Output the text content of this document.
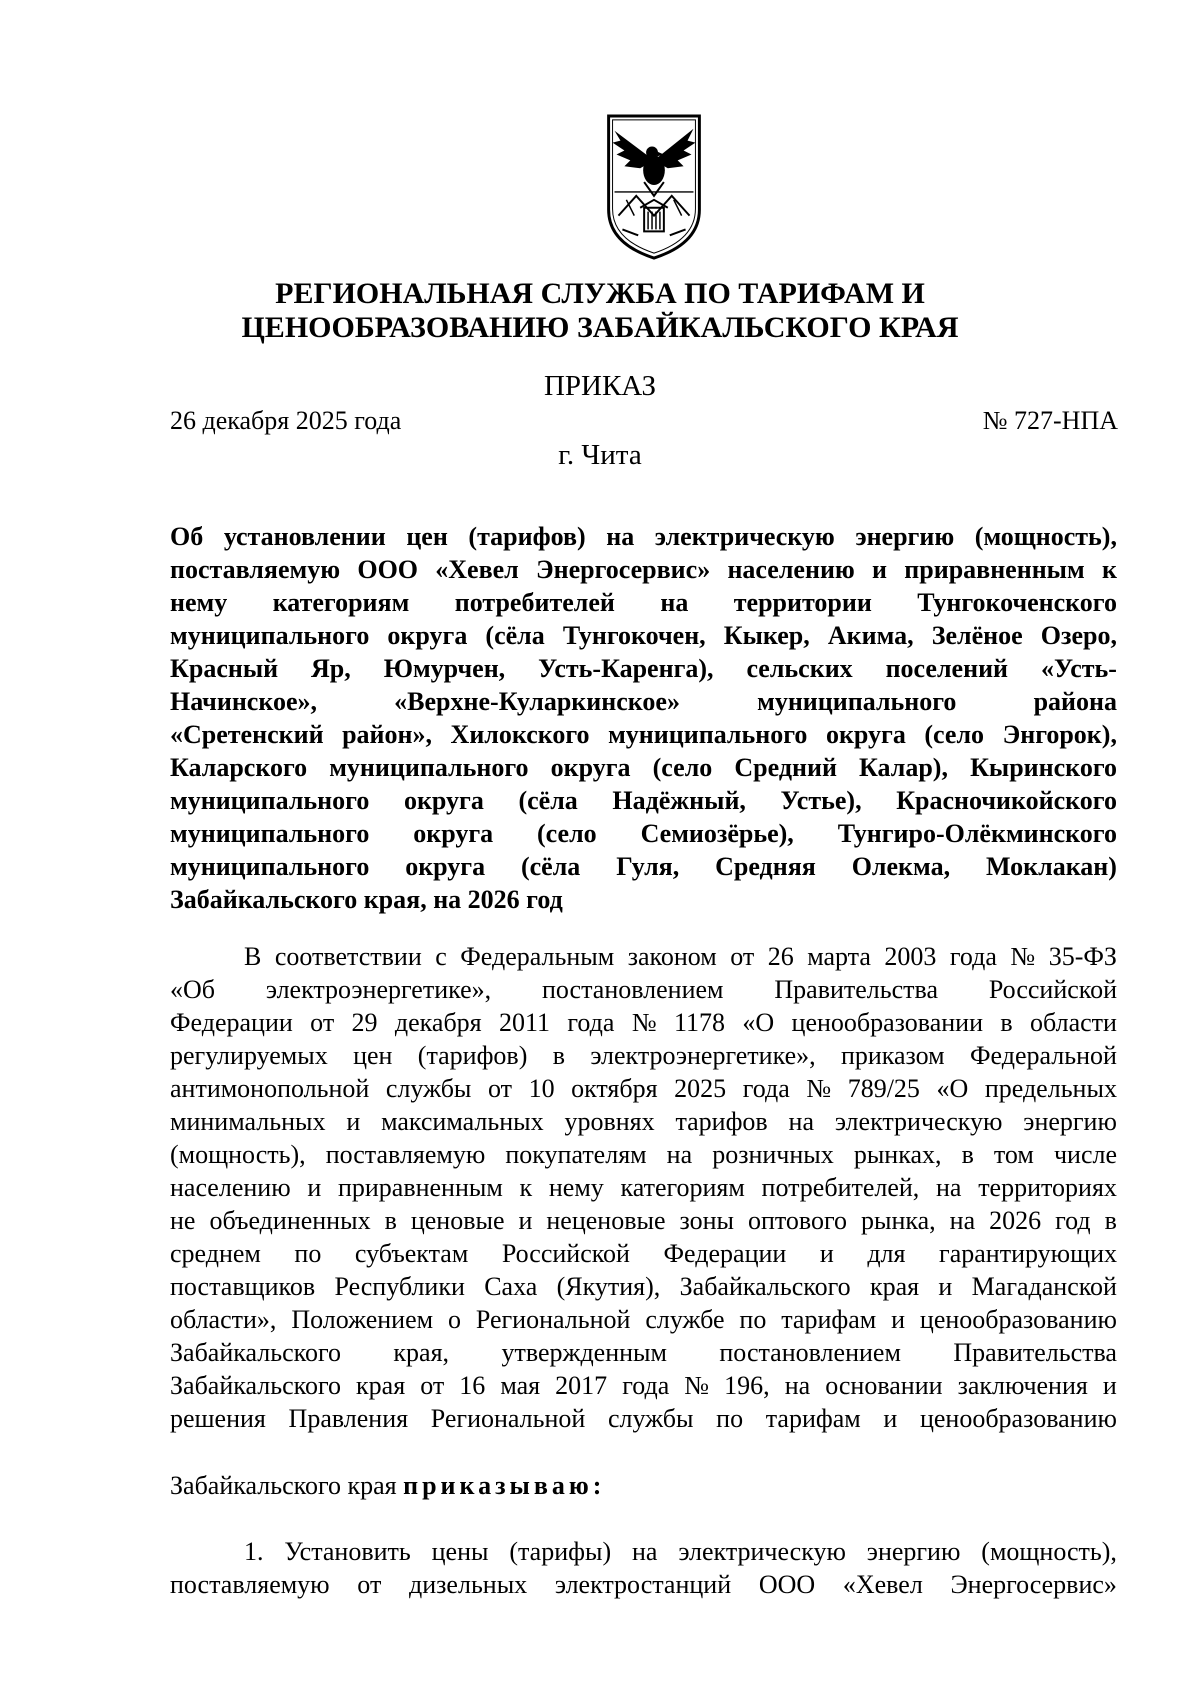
РЕГИОНАЛЬНАЯ СЛУЖБА ПО ТАРИФАМ И
ЦЕНООБРАЗОВАНИЮ ЗАБАЙКАЛЬСКОГО КРАЯ
ПРИКАЗ
26 декабря 2025 года	№ 727-НПА
г. Чита
Об установлении цен (тарифов) на электрическую энергию (мощность),
поставляемую ООО «Хевел Энергосервис» населению и приравненным к
нему категориям потребителей на территории Тунгокоченского
муниципального округа (сёла Тунгокочен, Кыкер, Акима, Зелёное Озеро,
Красный Яр, Юмурчен, Усть-Каренга), сельских поселений «Усть-
Начинское»,	«Верхне-Куларкинское»	муниципального	района
«Сретенский район», Хилокского муниципального округа (село Энгорок),
Каларского муниципального округа (село Средний Калар), Кыринского
муниципального округа (сёла Надёжный, Устье), Красночикойского
муниципального округа (село Семиозёрье), Тунгиро-Олёкминского
муниципального округа (сёла Гуля, Средняя Олекма, Моклакан)
Забайкальского края, на 2026 год
В соответствии с Федеральным законом от 26 марта 2003 года № 35-ФЗ
«Об электроэнергетике», постановлением Правительства Российской
Федерации от 29 декабря 2011 года № 1178 «О ценообразовании в области
регулируемых цен (тарифов) в электроэнергетике», приказом Федеральной
антимонопольной службы от 10 октября 2025 года № 789/25 «О предельных
минимальных и максимальных уровнях тарифов на электрическую энергию
(мощность), поставляемую покупателям на розничных рынках, в том числе
населению и приравненным к нему категориям потребителей, на территориях
не объединенных в ценовые и неценовые зоны оптового рынка, на 2026 год в
среднем по субъектам Российской Федерации и для гарантирующих
поставщиков Республики Саха (Якутия), Забайкальского края и Магаданской
области», Положением о Региональной службе по тарифам и ценообразованию
Забайкальского края, утвержденным постановлением Правительства
Забайкальского края от 16 мая 2017 года № 196, на основании заключения и
решения Правления Региональной службы по тарифам и ценообразованию
Забайкальского края
приказываю:
1. Установить цены (тарифы) на электрическую энергию (мощность),
поставляемую от дизельных электростанций ООО «Хевел Энергосервис»
